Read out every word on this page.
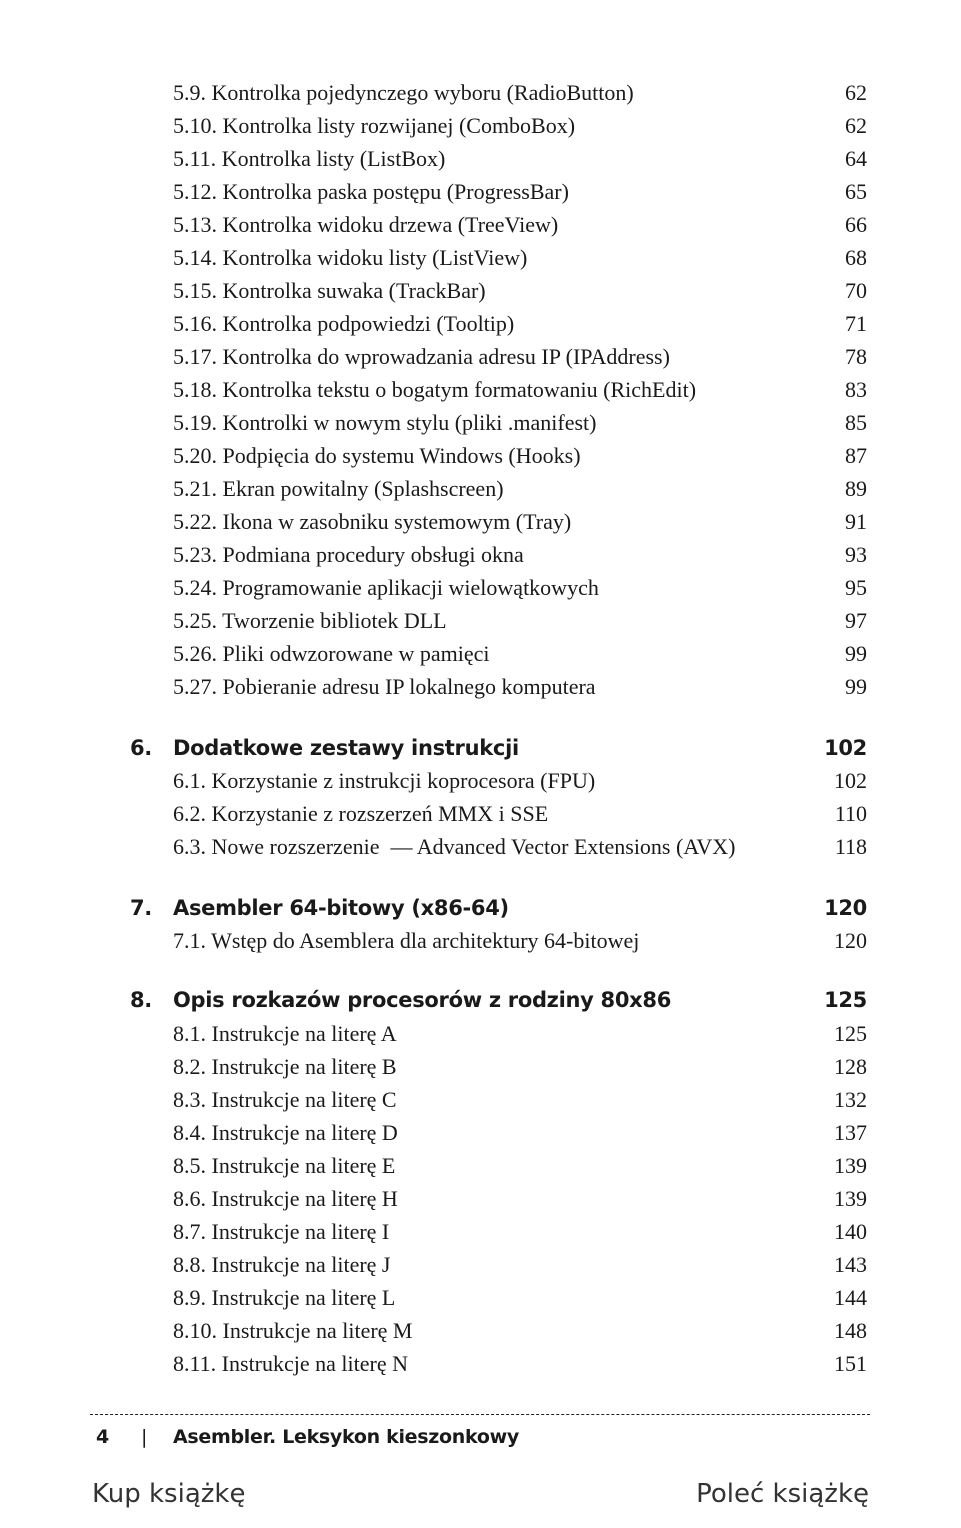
5.9. Kontrolka pojedynczego wyboru (RadioButton)	62
5.10. Kontrolka listy rozwijanej (ComboBox)	62
5.11. Kontrolka listy (ListBox)	64
5.12. Kontrolka paska postępu (ProgressBar)	65
5.13. Kontrolka widoku drzewa (TreeView)	66
5.14. Kontrolka widoku listy (ListView)	68
5.15. Kontrolka suwaka (TrackBar)	70
5.16. Kontrolka podpowiedzi (Tooltip)	71
5.17. Kontrolka do wprowadzania adresu IP (IPAddress)	78
5.18. Kontrolka tekstu o bogatym formatowaniu (RichEdit)	83
5.19. Kontrolki w nowym stylu (pliki .manifest)	85
5.20. Podpięcia do systemu Windows (Hooks)	87
5.21. Ekran powitalny (Splashscreen)	89
5.22. Ikona w zasobniku systemowym (Tray)	91
5.23. Podmiana procedury obsługi okna	93
5.24. Programowanie aplikacji wielowątkowych	95
5.25. Tworzenie bibliotek DLL	97
5.26. Pliki odwzorowane w pamięci	99
5.27. Pobieranie adresu IP lokalnego komputera	99
6. Dodatkowe zestawy instrukcji	102
6.1. Korzystanie z instrukcji koprocesora (FPU)	102
6.2. Korzystanie z rozszerzeń MMX i SSE	110
6.3. Nowe rozszerzenie  — Advanced Vector Extensions (AVX)	118
7. Asembler 64-bitowy (x86-64)	120
7.1. Wstęp do Asemblera dla architektury 64-bitowej	120
8. Opis rozkazów procesorów z rodziny 80x86	125
8.1. Instrukcje na literę A	125
8.2. Instrukcje na literę B	128
8.3. Instrukcje na literę C	132
8.4. Instrukcje na literę D	137
8.5. Instrukcje na literę E	139
8.6. Instrukcje na literę H	139
8.7. Instrukcje na literę I	140
8.8. Instrukcje na literę J	143
8.9. Instrukcje na literę L	144
8.10. Instrukcje na literę M	148
8.11. Instrukcje na literę N	151
4 | Asembler. Leksykon kieszonkowy
Kup książkę	Poleć książkę
